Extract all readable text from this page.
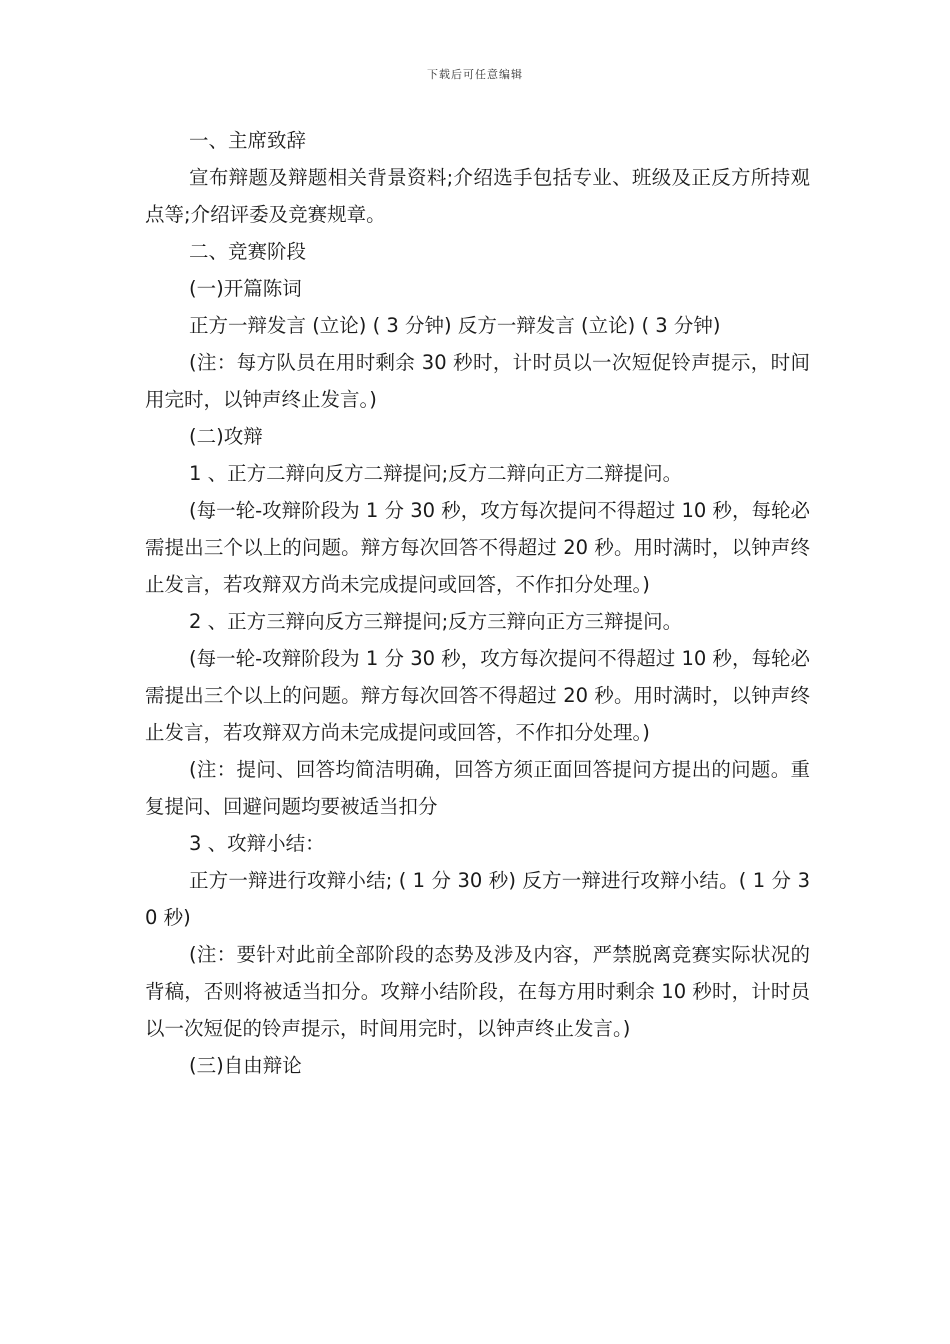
下载后可任意编辑

一、主席致辞

宣布辩题及辩题相关背景资料;介绍选手包括专业、班级及正反方所持观点等;介绍评委及竞赛规章。

二、竞赛阶段

(一)开篇陈词

正方一辩发言 (立论) ( 3 分钟) 反方一辩发言 (立论) ( 3 分钟)

(注：每方队员在用时剩余 30 秒时，计时员以一次短促铃声提示，时间用完时，以钟声终止发言。)

(二)攻辩

1 、正方二辩向反方二辩提问;反方二辩向正方二辩提问。

(每一轮-攻辩阶段为 1 分 30 秒，攻方每次提问不得超过 10 秒，每轮必需提出三个以上的问题。辩方每次回答不得超过 20 秒。用时满时，以钟声终止发言，若攻辩双方尚未完成提问或回答，不作扣分处理。)

2 、正方三辩向反方三辩提问;反方三辩向正方三辩提问。

(每一轮-攻辩阶段为 1 分 30 秒，攻方每次提问不得超过 10 秒，每轮必需提出三个以上的问题。辩方每次回答不得超过 20 秒。用时满时，以钟声终止发言，若攻辩双方尚未完成提问或回答，不作扣分处理。)

(注：提问、回答均简洁明确，回答方须正面回答提问方提出的问题。重复提问、回避问题均要被适当扣分

3 、攻辩小结：

正方一辩进行攻辩小结; ( 1 分 30 秒) 反方一辩进行攻辩小结。( 1 分 30 秒)

(注：要针对此前全部阶段的态势及涉及内容，严禁脱离竞赛实际状况的背稿，否则将被适当扣分。攻辩小结阶段，在每方用时剩余 10 秒时，计时员以一次短促的铃声提示，时间用完时，以钟声终止发言。)

(三)自由辩论
